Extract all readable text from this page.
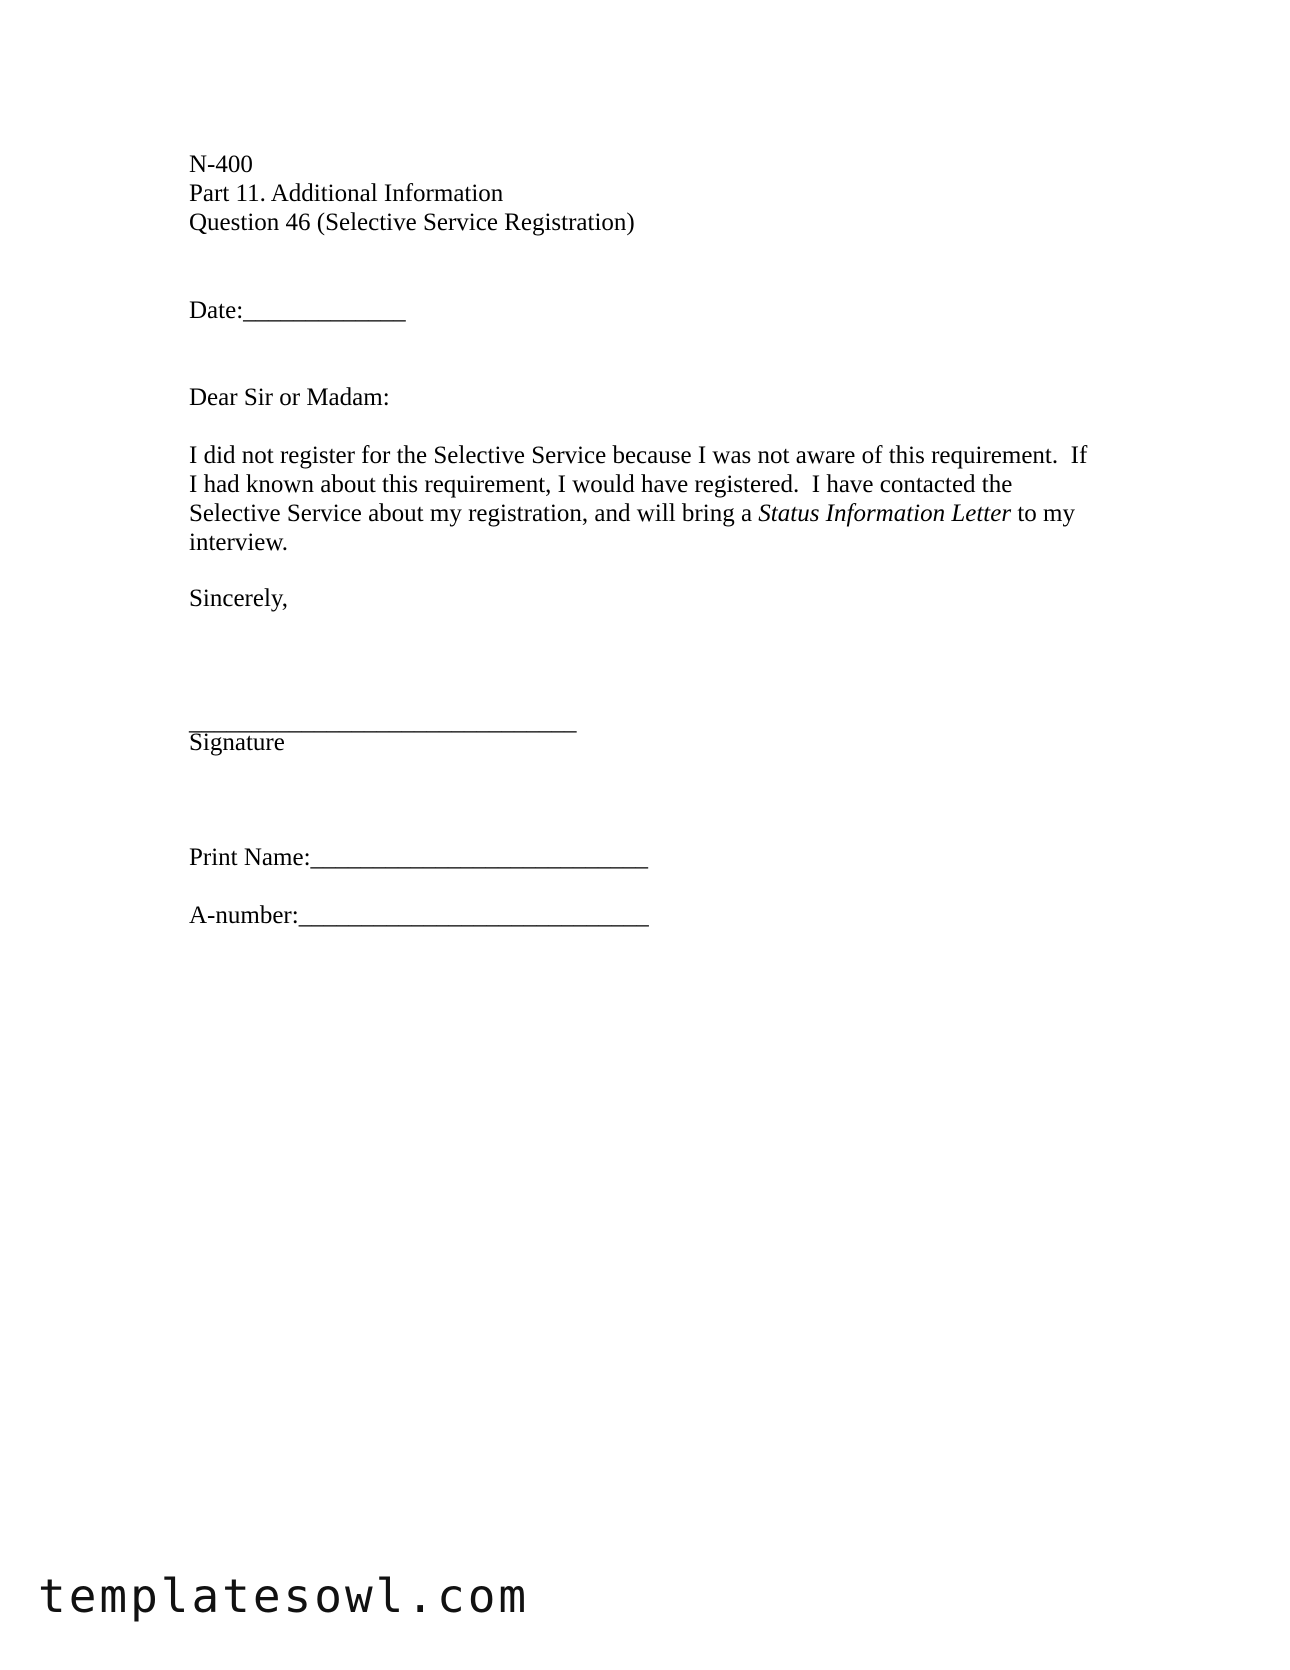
N-400
Part 11. Additional Information
Question 46 (Selective Service Registration)
Date:_____________
Dear Sir or Madam:
I did not register for the Selective Service because I was not aware of this requirement.  If
I had known about this requirement, I would have registered.  I have contacted the
Selective Service about my registration, and will bring a Status Information Letter to my
interview.
Sincerely,
_______________________________
Signature
Print Name:___________________________
A-number:____________________________
templatesowl.com
